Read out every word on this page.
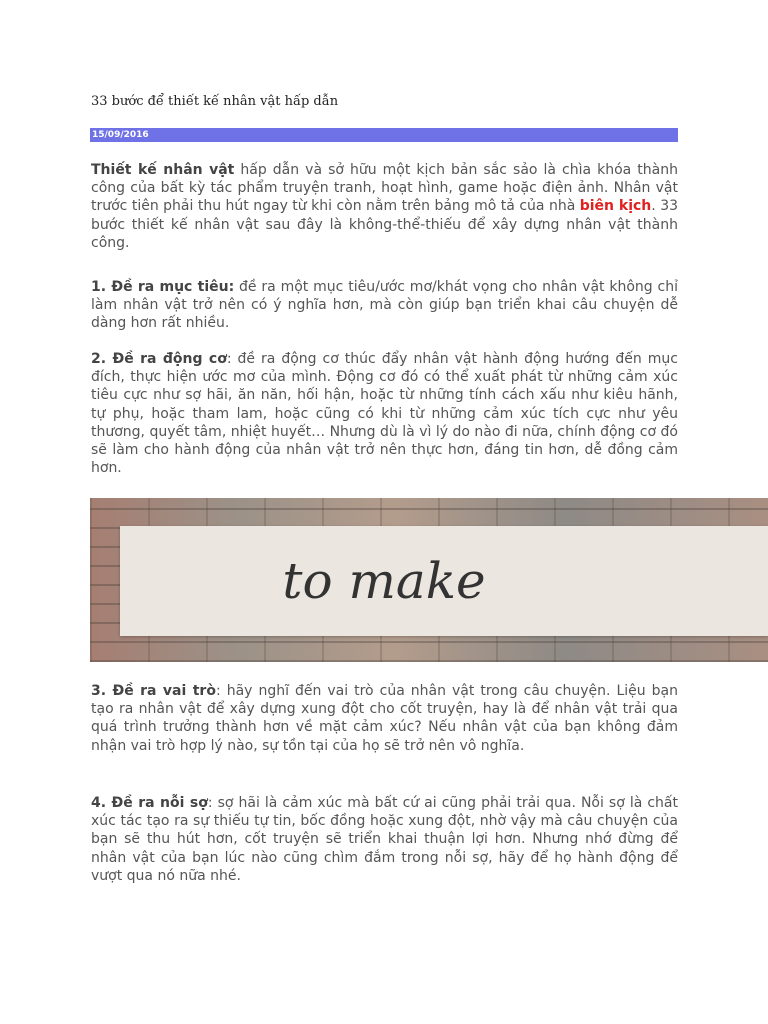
33 bước để thiết kế nhân vật hấp dẫn
15/09/2016

Thiết kế nhân vật hấp dẫn và sở hữu một kịch bản sắc sảo là chìa khóa thành công của bất kỳ tác phẩm truyện tranh, hoạt hình, game hoặc điện ảnh. Nhân vật trước tiên phải thu hút ngay từ khi còn nằm trên bảng mô tả của nhà biên kịch. 33 bước thiết kế nhân vật sau đây là không-thể-thiếu để xây dựng nhân vật thành công.

1. Đề ra mục tiêu: đề ra một mục tiêu/ước mơ/khát vọng cho nhân vật không chỉ làm nhân vật trở nên có ý nghĩa hơn, mà còn giúp bạn triển khai câu chuyện dễ dàng hơn rất nhiều.

2. Đề ra động cơ: đề ra động cơ thúc đẩy nhân vật hành động hướng đến mục đích, thực hiện ước mơ của mình. Động cơ đó có thể xuất phát từ những cảm xúc tiêu cực như sợ hãi, ăn năn, hối hận, hoặc từ những tính cách xấu như kiêu hãnh, tự phụ, hoặc tham lam, hoặc cũng có khi từ những cảm xúc tích cực như yêu thương, quyết tâm, nhiệt huyết… Nhưng dù là vì lý do nào đi nữa, chính động cơ đó sẽ làm cho hành động của nhân vật trở nên thực hơn, đáng tin hơn, dễ đồng cảm hơn.

to make

3. Đề ra vai trò: hãy nghĩ đến vai trò của nhân vật trong câu chuyện. Liệu bạn tạo ra nhân vật để xây dựng xung đột cho cốt truyện, hay là để nhân vật trải qua quá trình trưởng thành hơn về mặt cảm xúc? Nếu nhân vật của bạn không đảm nhận vai trò hợp lý nào, sự tồn tại của họ sẽ trở nên vô nghĩa.

4. Đề ra nỗi sợ: sợ hãi là cảm xúc mà bất cứ ai cũng phải trải qua. Nỗi sợ là chất xúc tác tạo ra sự thiếu tự tin, bốc đồng hoặc xung đột, nhờ vậy mà câu chuyện của bạn sẽ thu hút hơn, cốt truyện sẽ triển khai thuận lợi hơn. Nhưng nhớ đừng để nhân vật của bạn lúc nào cũng chìm đắm trong nỗi sợ, hãy để họ hành động để vượt qua nó nữa nhé.
